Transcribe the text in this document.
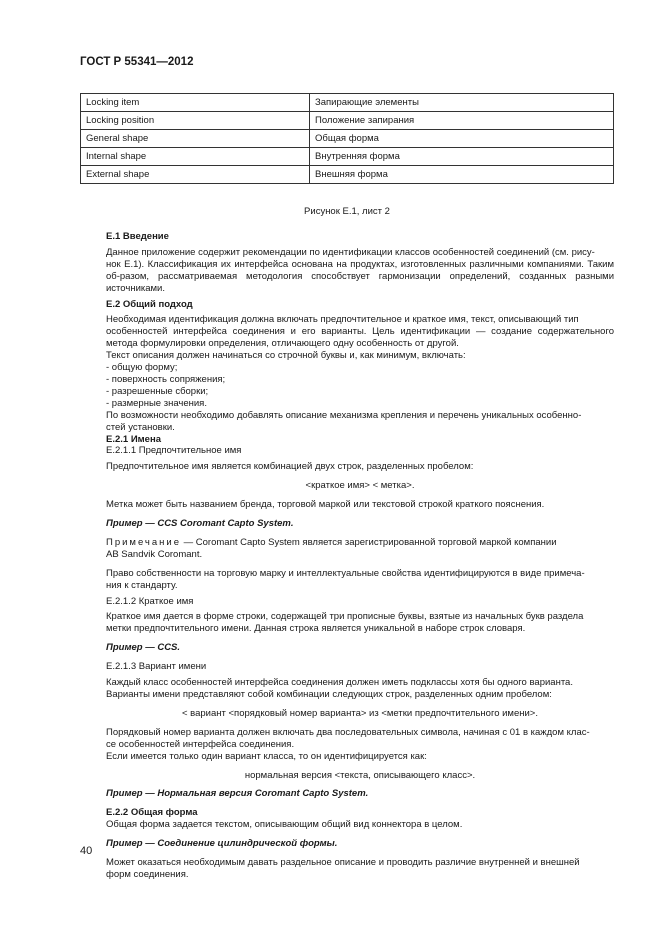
ГОСТ Р 55341—2012
Locking item	Запирающие элементы
Locking position	Положение запирания
General shape	Общая форма
Internal shape	Внутренняя форма
External shape	Внешняя форма
Рисунок Е.1, лист 2

Е.1 Введение

Данное приложение содержит рекомендации по идентификации классов особенностей соединений (см. рису-

нок Е.1). Классификация их интерфейса основана на продуктах, изготовленных различными компаниями. Таким об-разом, рассматриваемая методология способствует гармонизации определений, созданных разными источниками.

Е.2 Общий подход

Необходимая идентификация должна включать предпочтительное и краткое имя, текст, описывающий тип

особенностей интерфейса соединения и его варианты. Цель идентификации — создание содержательного метода формулировки определения, отличающего одну особенность от другой.

Текст описания должен начинаться со строчной буквы и, как минимум, включать:

- общую форму;

- поверхность сопряжения;

- разрешенные сборки;

- размерные значения.

По возможности необходимо добавлять описание механизма крепления и перечень уникальных особенно-

стей установки.

Е.2.1 Имена

Е.2.1.1 Предпочтительное имя

Предпочтительное имя является комбинацией двух строк, разделенных пробелом:

<краткое имя> < метка>.

Метка может быть названием бренда, торговой маркой или текстовой строкой краткого пояснения.

Пример — CCS Coromant Capto System.

Примечание — Coromant Capto System является зарегистрированной торговой маркой компании

AB Sandvik Coromant.

Право собственности на торговую марку и интеллектуальные свойства идентифицируются в виде примеча-

ния к стандарту.

Е.2.1.2 Краткое имя

Краткое имя дается в форме строки, содержащей три прописные буквы, взятые из начальных букв раздела

метки предпочтительного имени. Данная строка является уникальной в наборе строк словаря.

Пример — CCS.

Е.2.1.3 Вариант имени

Каждый класс особенностей интерфейса соединения должен иметь подклассы хотя бы одного варианта.

Варианты имени представляют собой комбинации следующих строк, разделенных одним пробелом:

< вариант <порядковый номер варианта> из <метки предпочтительного имени>.

Порядковый номер варианта должен включать два последовательных символа, начиная с 01 в каждом клас-

се особенностей интерфейса соединения.

Если имеется только один вариант класса, то он идентифицируется как:

нормальная версия <текста, описывающего класс>.

Пример — Нормальная версия Coromant Capto System.

Е.2.2 Общая форма

Общая форма задается текстом, описывающим общий вид коннектора в целом.

Пример — Соединение цилиндрической формы.

Может оказаться необходимым давать раздельное описание и проводить различие внутренней и внешней

форм соединения.

40
